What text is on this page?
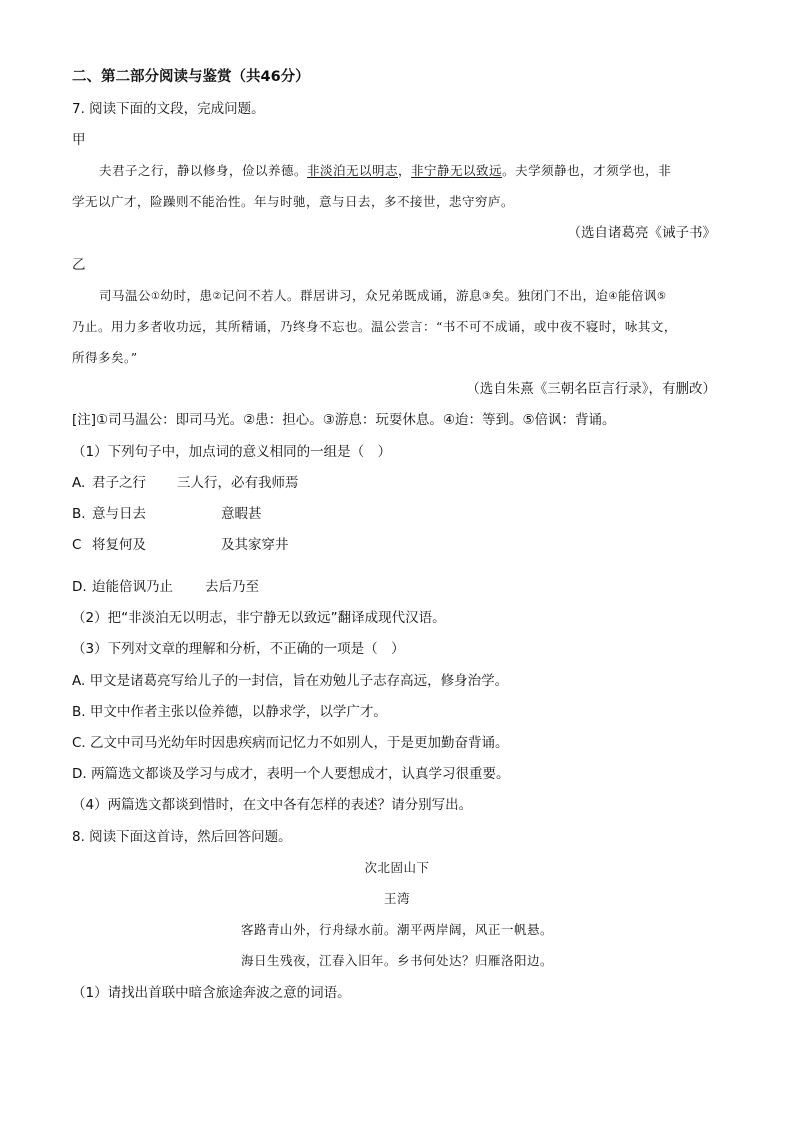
二、第二部分阅读与鉴赏（共46分）
7. 阅读下面的文段，完成问题。
甲
夫君子之行，静以修身，俭以养德。非淡泊无以明志，非宁静无以致远。夫学须静也，才须学也，非
学无以广才，险躁则不能治性。年与时驰，意与日去，多不接世，悲守穷庐。
（选自诸葛亮《诫子书》
乙
司马温公①幼时，患②记问不若人。群居讲习，众兄弟既成诵，游息③矣。独闭门不出，迨④能倍讽⑤
乃止。用力多者收功远，其所精诵，乃终身不忘也。温公尝言：“书不可不成诵，或中夜不寝时，咏其文，
所得多矣。”
（选自朱熹《三朝名臣言行录》，有删改）
[注]①司马温公：即司马光。②患：担心。③游息：玩耍休息。④迨：等到。⑤倍讽：背诵。
（1）下列句子中，加点词的意义相同的一组是（　）
A. 君子之行 三人行，必有我师焉
B. 意与日去	意暇甚
C 将复何及	及其家穿井
D. 迨能倍讽乃止 去后乃至
（2）把“非淡泊无以明志，非宁静无以致远”翻译成现代汉语。
（3）下列对文章的理解和分析，不正确的一项是（　）
A. 甲文是诸葛亮写给儿子的一封信，旨在劝勉儿子志存高远，修身治学。
B. 甲文中作者主张以俭养德，以静求学，以学广才。
C. 乙文中司马光幼年时因患疾病而记忆力不如别人，于是更加勤奋背诵。
D. 两篇选文都谈及学习与成才，表明一个人要想成才，认真学习很重要。
（4）两篇选文都谈到惜时，在文中各有怎样的表述？请分别写出。
8. 阅读下面这首诗，然后回答问题。
次北固山下
王湾
客路青山外，行舟绿水前。潮平两岸阔，风正一帆悬。
海日生残夜，江春入旧年。乡书何处达？归雁洛阳边。
（1）请找出首联中暗含旅途奔波之意的词语。
